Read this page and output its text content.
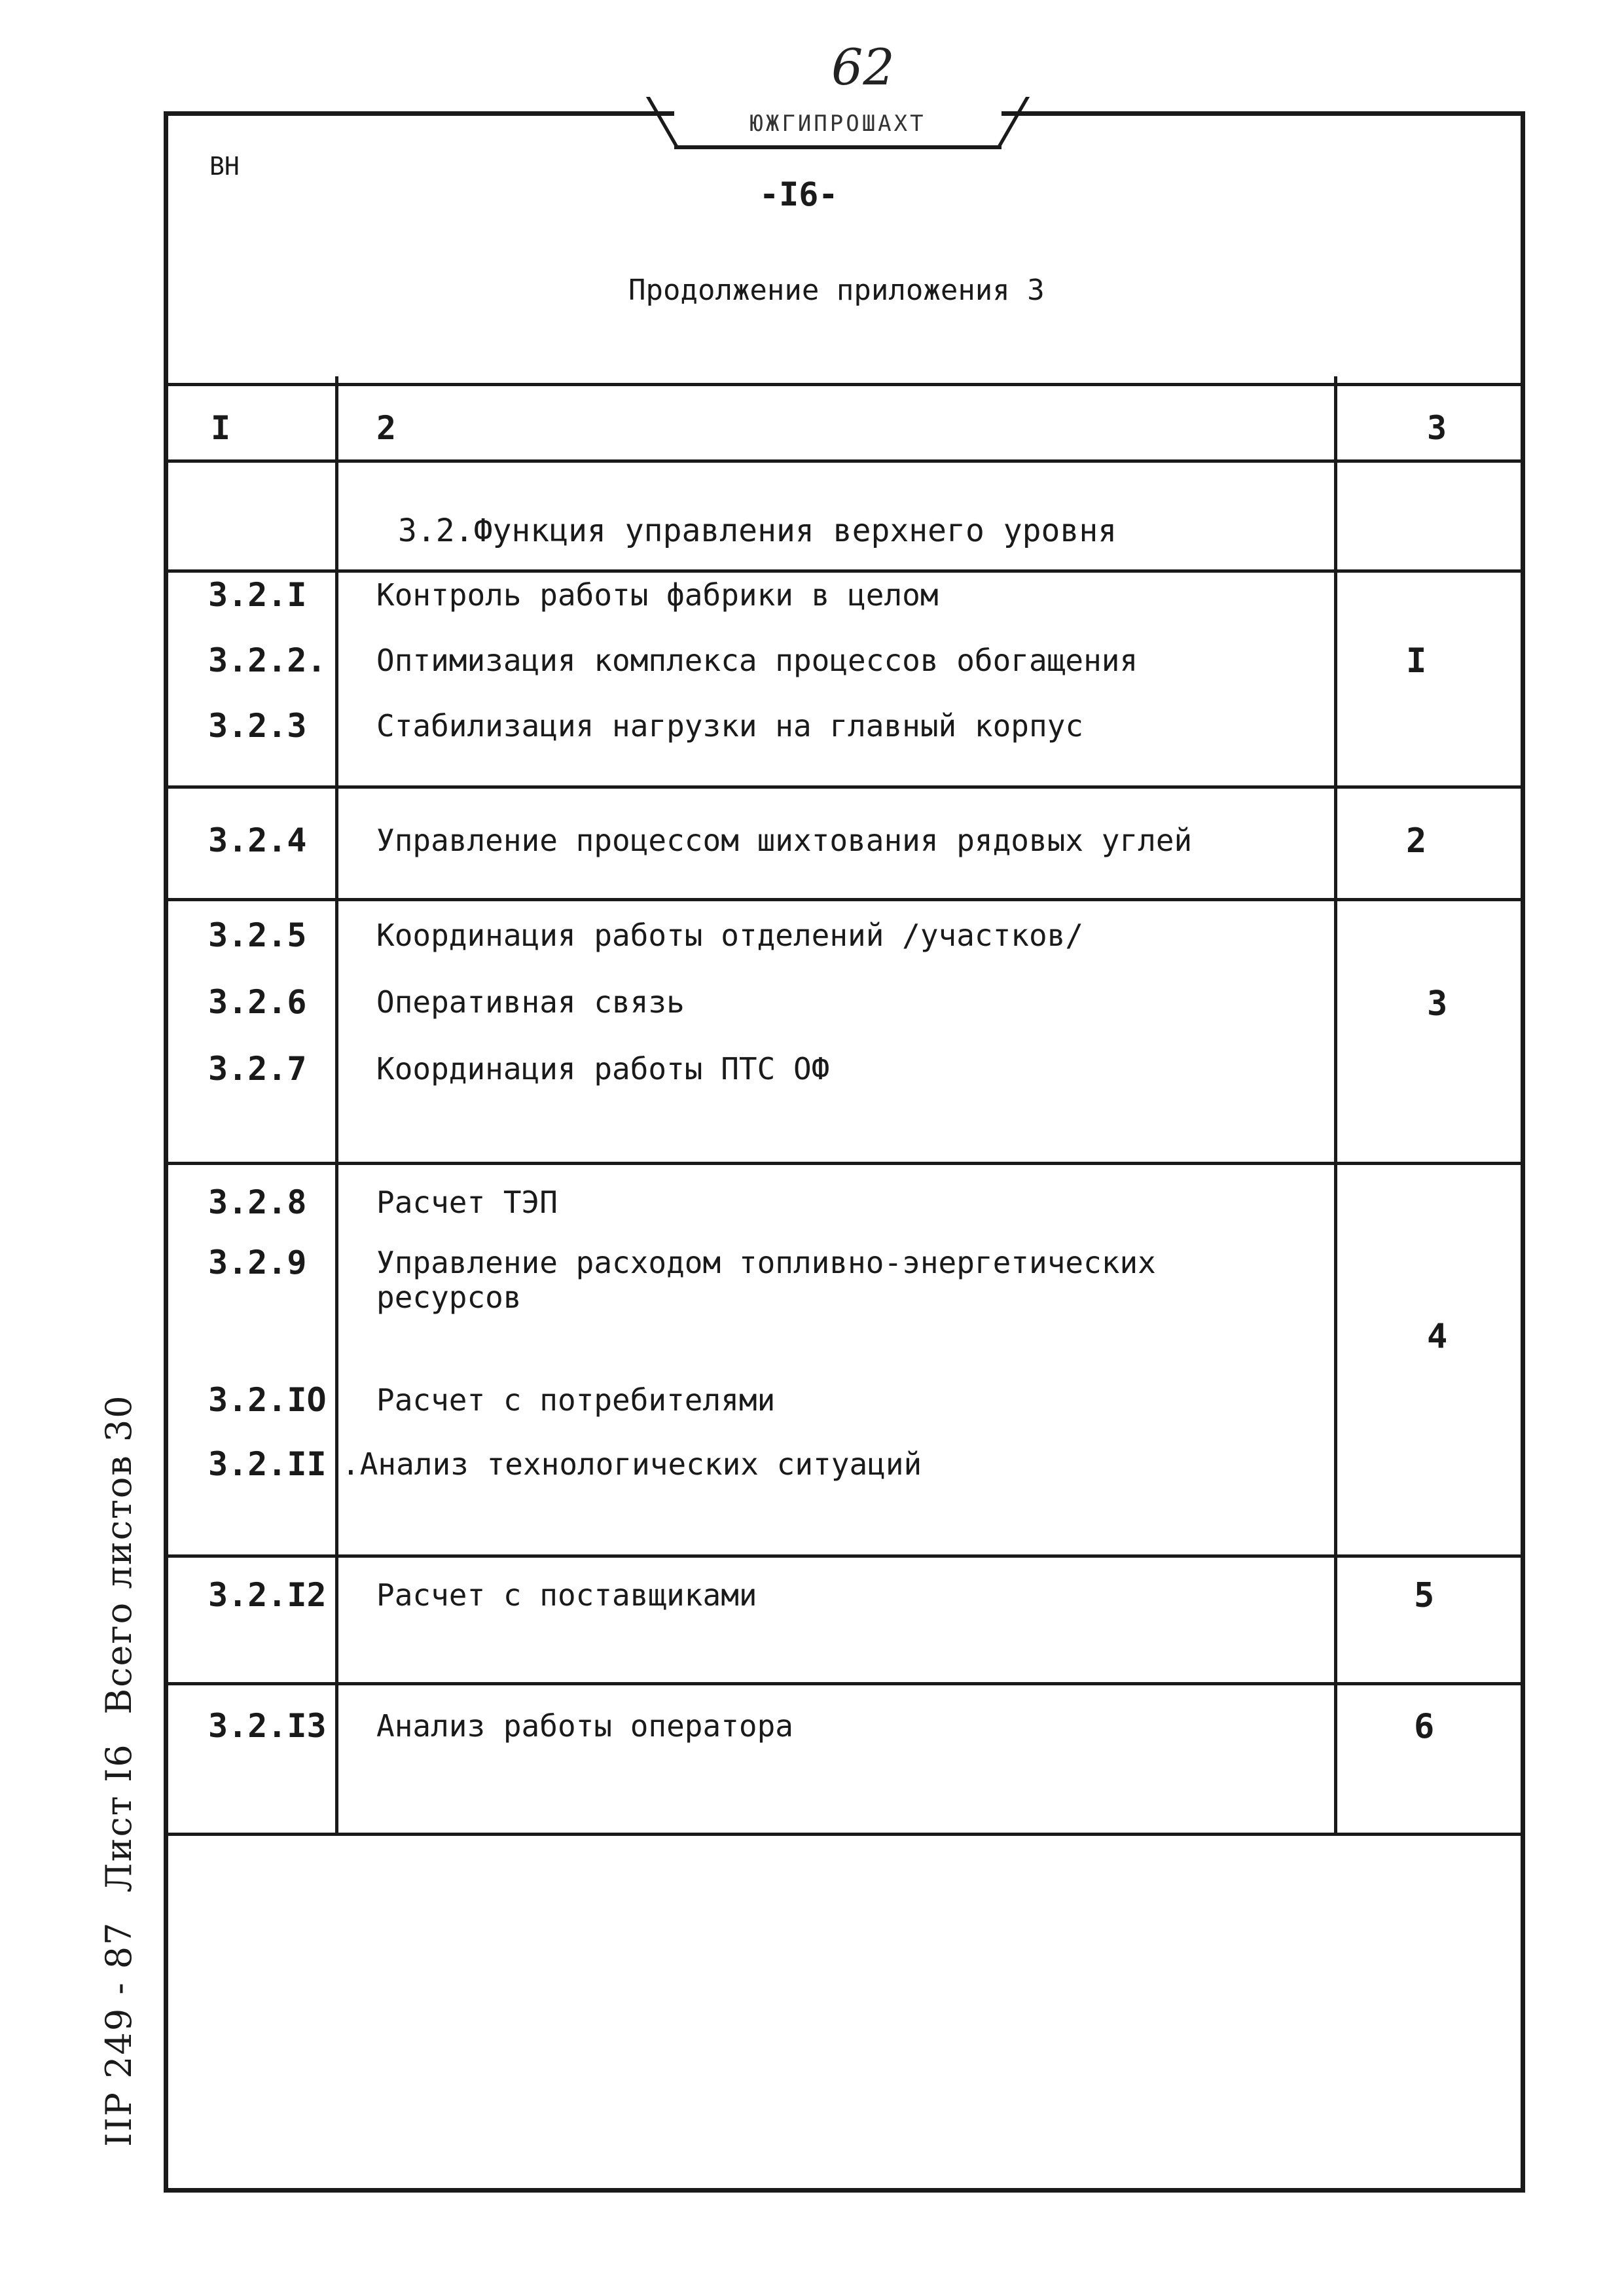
62
ЮЖГИПРОШАХТ
ВН
-I6-
Продолжение приложения 3
I	2	3
3.2.Функция управления верхнего уровня
3.2.I Контроль работы фабрики в целом
3.2.2. Оптимизация комплекса процессов обогащения
3.2.3 Стабилизация нагрузки на главный корпус
3.2.4 Управление процессом шихтования рядовых углей
3.2.5 Координация работы отделений /участков/
3.2.6 Оперативная связь
3.2.7 Координация работы ПТС ОФ
3.2.8 Расчет ТЭП
3.2.9 Управление расходом топливно-энергетических
ресурсов
3.2.IO Расчет с потребителями
3.2.II .Анализ технологических ситуаций
3.2.I2 Расчет с поставщиками
3.2.I3 Анализ работы оператора
I
2
3
4
5
6
IIP 249 - 87Лист I6Всего листов 30
